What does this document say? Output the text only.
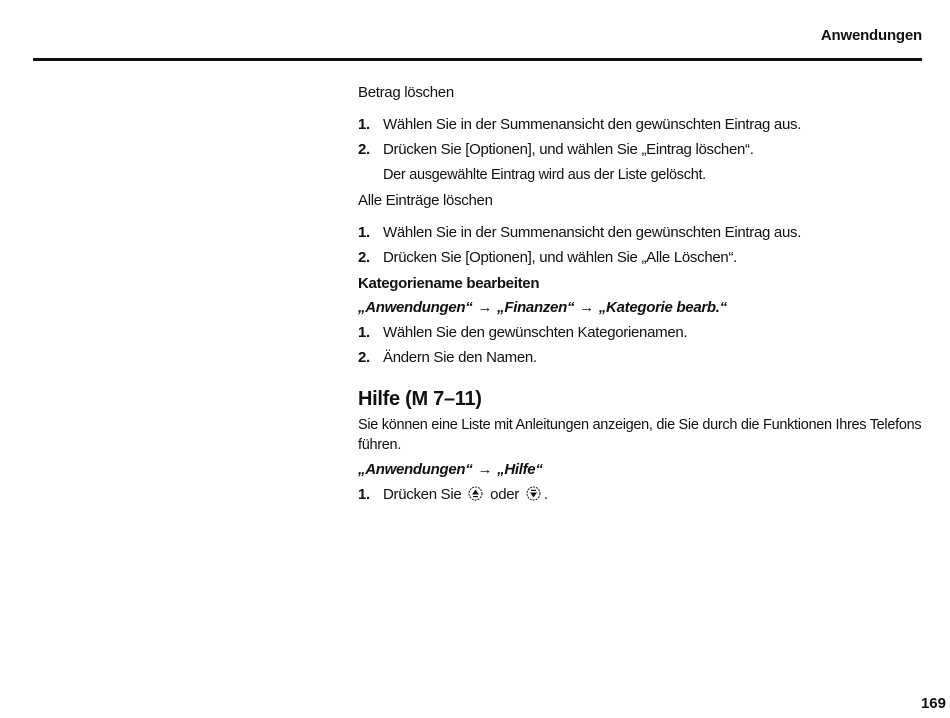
Anwendungen
Betrag löschen
1. Wählen Sie in der Summenansicht den gewünschten Eintrag aus.
2. Drücken Sie [Optionen], und wählen Sie „Eintrag löschen“.
Der ausgewählte Eintrag wird aus der Liste gelöscht.
Alle Einträge löschen
1. Wählen Sie in der Summenansicht den gewünschten Eintrag aus.
2. Drücken Sie [Optionen], und wählen Sie „Alle Löschen“.
Kategoriename bearbeiten
„Anwendungen“ → „Finanzen“ → „Kategorie bearb.“
1. Wählen Sie den gewünschten Kategorienamen.
2. Ändern Sie den Namen.
Hilfe (M 7–11)
Sie können eine Liste mit Anleitungen anzeigen, die Sie durch die Funktionen Ihres Telefons führen.
„Anwendungen“ → „Hilfe“
1. Drücken Sie oder .
169
